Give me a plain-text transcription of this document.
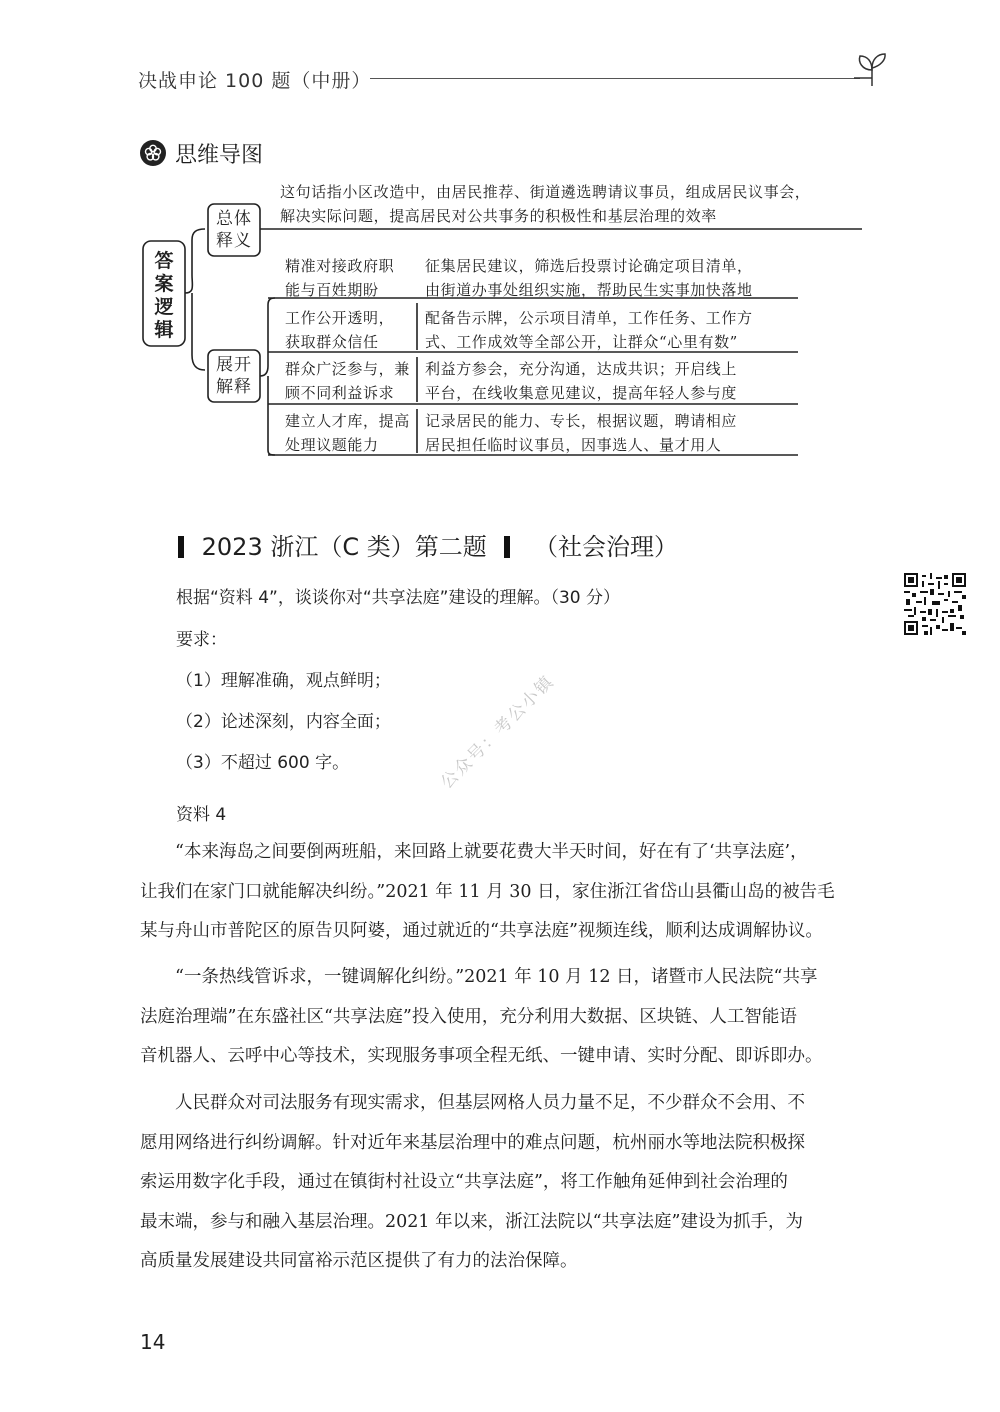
决战申论 100 题（中册）
思维导图
答案逻辑
总体
释义
展开
解释
这句话指小区改造中，由居民推荐、街道遴选聘请议事员，组成居民议事会，
解决实际问题，提高居民对公共事务的积极性和基层治理的效率
精准对接政府职
能与百姓期盼
征集居民建议，筛选后投票讨论确定项目清单，
由街道办事处组织实施，帮助民生实事加快落地
工作公开透明，
获取群众信任
配备告示牌，公示项目清单，工作任务、工作方
式、工作成效等全部公开，让群众“心里有数”
群众广泛参与，兼
顾不同利益诉求
利益方参会，充分沟通，达成共识；开启线上
平台，在线收集意见建议，提高年轻人参与度
建立人才库，提高
处理议题能力
记录居民的能力、专长，根据议题，聘请相应
居民担任临时议事员，因事选人、量才用人
2023 浙江（C 类）第二题 （社会治理）
根据“资料 4”，谈谈你对“共享法庭”建设的理解。（30 分）
要求：
（1）理解准确，观点鲜明；
（2）论述深刻，内容全面；
（3）不超过 600 字。	公众号：考公小镇
资料 4
“本来海岛之间要倒两班船，来回路上就要花费大半天时间，好在有了‘共享法庭’，
让我们在家门口就能解决纠纷。”2021 年 11 月 30 日，家住浙江省岱山县衢山岛的被告毛
某与舟山市普陀区的原告贝阿婆，通过就近的“共享法庭”视频连线，顺利达成调解协议。
“一条热线管诉求，一键调解化纠纷。”2021 年 10 月 12 日，诸暨市人民法院“共享
法庭治理端”在东盛社区“共享法庭”投入使用，充分利用大数据、区块链、人工智能语
音机器人、云呼中心等技术，实现服务事项全程无纸、一键申请、实时分配、即诉即办。
人民群众对司法服务有现实需求，但基层网格人员力量不足，不少群众不会用、不
愿用网络进行纠纷调解。针对近年来基层治理中的难点问题，杭州丽水等地法院积极探
索运用数字化手段，通过在镇街村社设立“共享法庭”，将工作触角延伸到社会治理的
最末端，参与和融入基层治理。2021 年以来，浙江法院以“共享法庭”建设为抓手，为
高质量发展建设共同富裕示范区提供了有力的法治保障。
14
